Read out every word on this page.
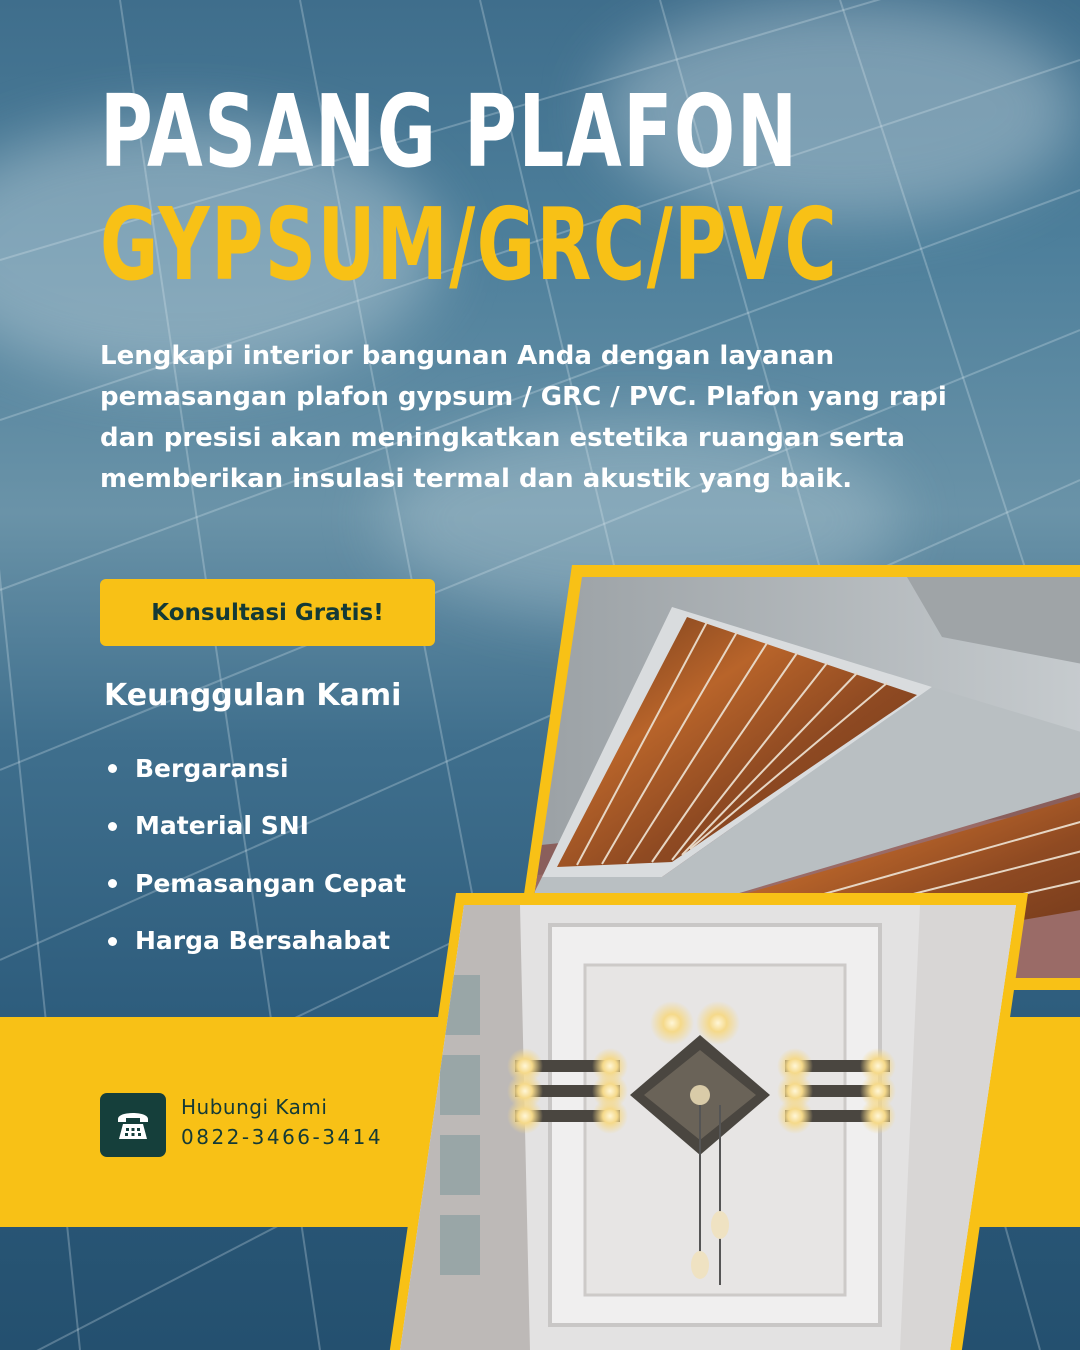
PASANG PLAFON
GYPSUM/GRC/PVC

Lengkapi interior bangunan Anda dengan layanan pemasangan plafon gypsum / GRC / PVC. Plafon yang rapi dan presisi akan meningkatkan estetika ruangan serta memberikan insulasi termal dan akustik yang baik.

Konsultasi Gratis!
Keunggulan Kami
Bergaransi
Material SNI
Pemasangan Cepat
Harga Bersahabat
Hubungi Kami
0822-3466-3414
